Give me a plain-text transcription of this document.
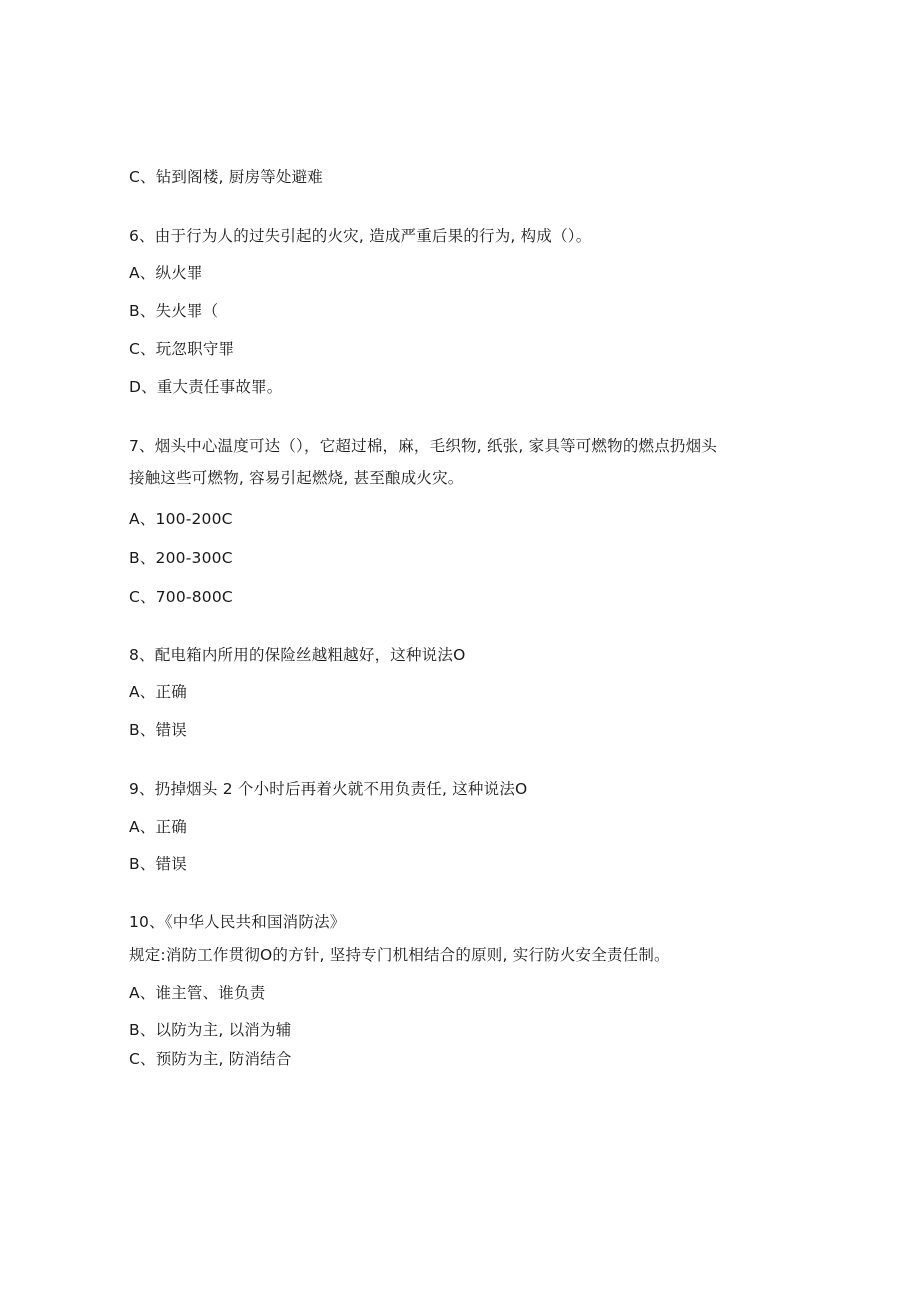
C、钻到阁楼, 厨房等处避难
6、由于行为人的过失引起的火灾, 造成严重后果的行为, 构成（）。
A、纵火罪
B、失火罪（
C、玩忽职守罪
D、重大责任事故罪。
7、烟头中心温度可达（），它超过棉，麻，毛织物, 纸张, 家具等可燃物的燃点扔烟头
接触这些可燃物, 容易引起燃烧, 甚至酿成火灾。
A、100-200C
B、200-300C
C、700-800C
8、配电箱内所用的保险丝越粗越好，这种说法O
A、正确
B、错误
9、扔掉烟头 2 个小时后再着火就不用负责任, 这种说法O
A、正确
B、错误
10、《中华人民共和国消防法》
规定:消防工作贯彻O的方针, 坚持专门机相结合的原则, 实行防火安全责任制。
A、谁主管、谁负责
B、以防为主, 以消为辅
C、预防为主, 防消结合
